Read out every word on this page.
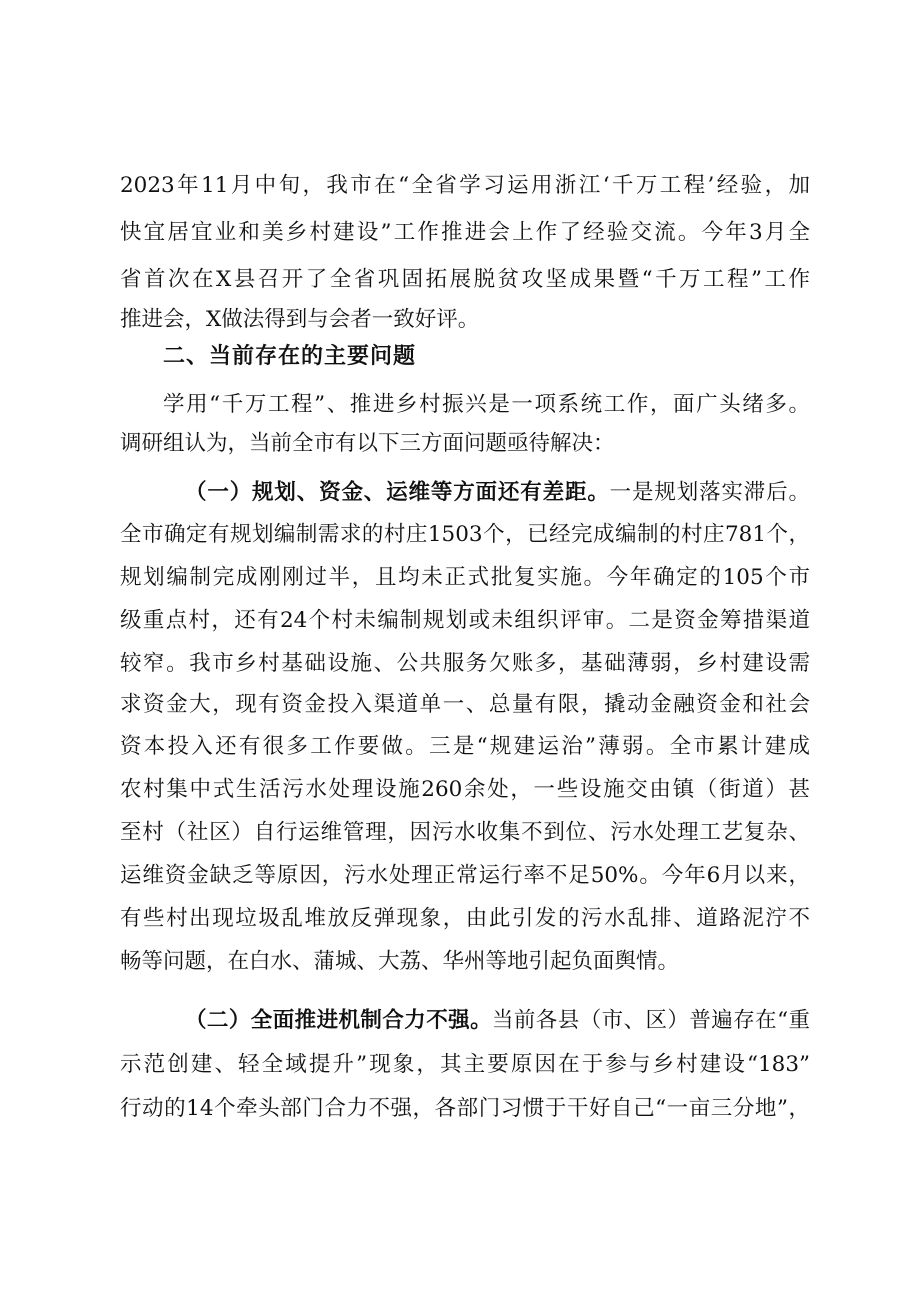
2023年11月中旬，我市在“全省学习运用浙江‘千万工程’经验，加
快宜居宜业和美乡村建设”工作推进会上作了经验交流。今年3月全
省首次在X县召开了全省巩固拓展脱贫攻坚成果暨“千万工程”工作
推进会，X做法得到与会者一致好评。
二、当前存在的主要问题
学用“千万工程”、推进乡村振兴是一项系统工作，面广头绪多。
调研组认为，当前全市有以下三方面问题亟待解决：
（一）规划、资金、运维等方面还有差距。一是规划落实滞后。
全市确定有规划编制需求的村庄1503个，已经完成编制的村庄781个，
规划编制完成刚刚过半，且均未正式批复实施。今年确定的105个市
级重点村，还有24个村未编制规划或未组织评审。二是资金筹措渠道
较窄。我市乡村基础设施、公共服务欠账多，基础薄弱，乡村建设需
求资金大，现有资金投入渠道单一、总量有限，撬动金融资金和社会
资本投入还有很多工作要做。三是“规建运治”薄弱。全市累计建成
农村集中式生活污水处理设施260余处，一些设施交由镇（街道）甚
至村（社区）自行运维管理，因污水收集不到位、污水处理工艺复杂、
运维资金缺乏等原因，污水处理正常运行率不足50%。今年6月以来，
有些村出现垃圾乱堆放反弹现象，由此引发的污水乱排、道路泥泞不
畅等问题，在白水、蒲城、大荔、华州等地引起负面舆情。
（二）全面推进机制合力不强。当前各县（市、区）普遍存在“重
示范创建、轻全域提升”现象，其主要原因在于参与乡村建设“183”
行动的14个牵头部门合力不强，各部门习惯于干好自己“一亩三分地”，
